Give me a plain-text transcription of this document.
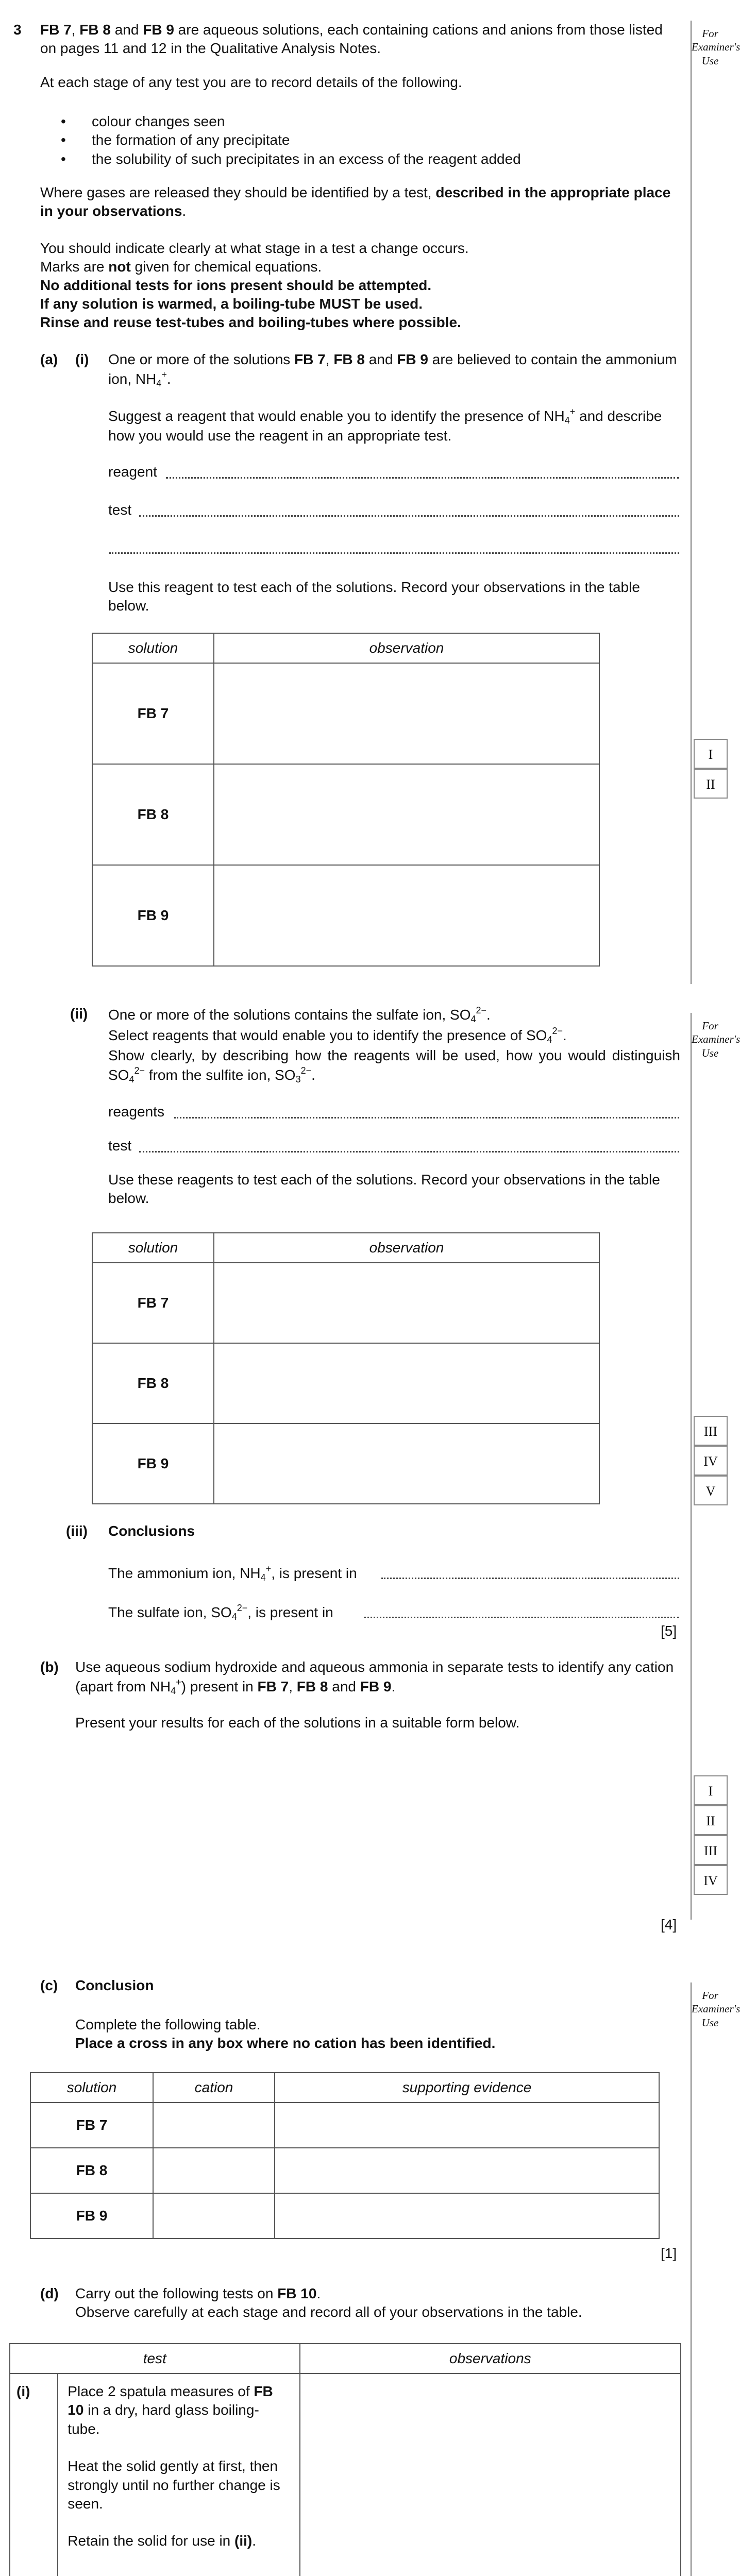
For
Examiner's
Use
For
Examiner's
Use
For
Examiner's
Use
I
II
III
IV
V
I
II
III
IV
3 FB 7, FB 8 and FB 9 are aqueous solutions, each containing cations and anions from those listed on pages 11 and 12 in the Qualitative Analysis Notes.
At each stage of any test you are to record details of the following.
• colour changes seen
• the formation of any precipitate
• the solubility of such precipitates in an excess of the reagent added
Where gases are released they should be identified by a test, described in the appropriate place in your observations.
You should indicate clearly at what stage in a test a change occurs.
Marks are not given for chemical equations.
No additional tests for ions present should be attempted.
If any solution is warmed, a boiling-tube MUST be used.
Rinse and reuse test-tubes and boiling-tubes where possible.
(a) (i) One or more of the solutions FB 7, FB 8 and FB 9 are believed to contain the ammonium ion, $NH_4^+$.
Suggest a reagent that would enable you to identify the presence of $NH_4^+$ and describe how you would use the reagent in an appropriate test.
reagent
test
Use this reagent to test each of the solutions. Record your observations in the table below.
solution	observation
FB 7	
FB 8	
FB 9	
(ii) One or more of the solutions contains the sulfate ion, $SO_4^{2-}$.
Select reagents that would enable you to identify the presence of $SO_4^{2-}$.
Show clearly, by describing how the reagents will be used, how you would distinguish $SO_4^{2-}$ from the sulfite ion, $SO_3^{2-}$.
reagents
test
Use these reagents to test each of the solutions. Record your observations in the table below.
solution	observation
FB 7	
FB 8	
FB 9	
(iii) Conclusions
The ammonium ion, $NH_4^+$, is present in
The sulfate ion, $SO_4^{2-}$, is present in
[5]
(b) Use aqueous sodium hydroxide and aqueous ammonia in separate tests to identify any cation (apart from $NH_4^+$) present in FB 7, FB 8 and FB 9.
Present your results for each of the solutions in a suitable form below.
[4]
(c) Conclusion
Complete the following table.
Place a cross in any box where no cation has been identified.
solution	cation	supporting evidence
FB 7		
FB 8		
FB 9		
[1]
(d) Carry out the following tests on FB 10.
Observe carefully at each stage and record all of your observations in the table.
test		observations
(i)	Place 2 spatula measures of FB 10 in a dry, hard glass boiling-tube.

Heat the solid gently at first, then strongly until no further change is seen.

Retain the solid for use in (ii).	
